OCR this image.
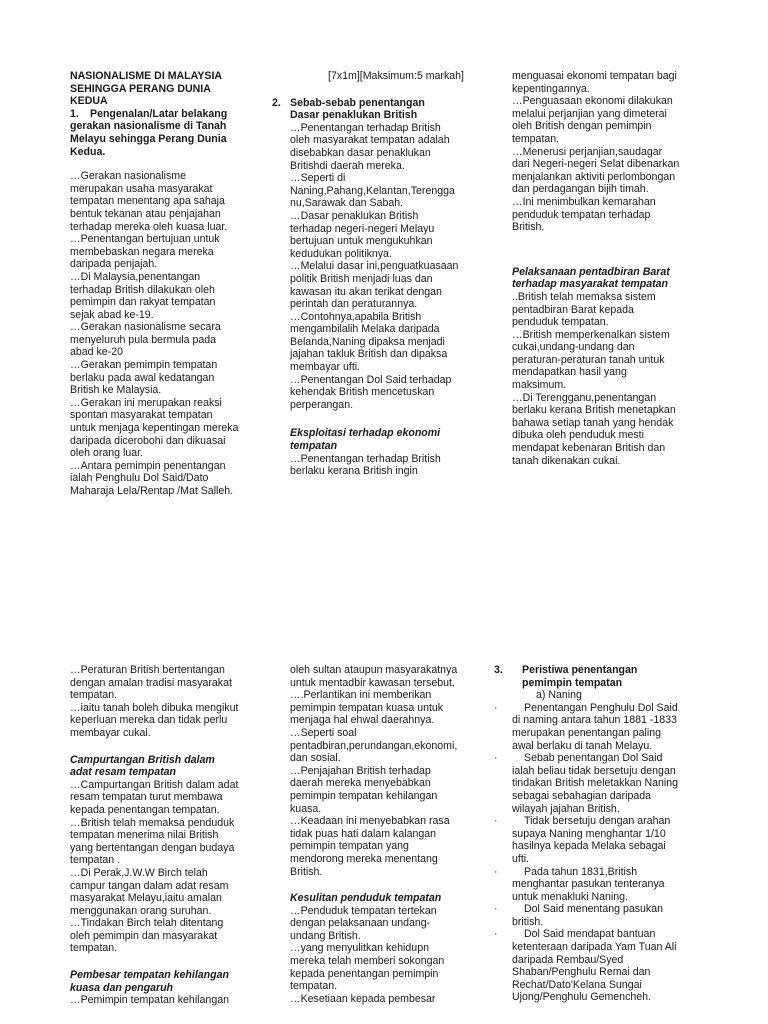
NASIONALISME DI MALAYSIA
SEHINGGA PERANG DUNIA
KEDUA

1.	Pengenalan/Latar belakang

gerakan nasionalisme di Tanah
Melayu sehingga Perang Dunia
Kedua.

…Gerakan nasionalisme
merupakan usaha masyarakat
tempatan menentang apa sahaja
bentuk tekanan atau penjajahan
terhadap mereka oleh kuasa luar.
…Penentangan bertujuan untuk
membebaskan negara mereka
daripada penjajah.
…Di Malaysia,penentangan
terhadap British dilakukan oleh
pemimpin dan rakyat tempatan
sejak abad ke-19.
…Gerakan nasionalisme secara
menyeluruh pula bermula pada
abad ke-20
…Gerakan pemimpin tempatan
berlaku pada awal kedatangan
British ke Malaysia.
…Gerakan ini merupakan reaksi
spontan masyarakat tempatan
untuk menjaga kepentingan mereka
daripada dicerobohi dan dikuasai
oleh orang luar.
…Antara pemimpin penentangan
ialah Penghulu Dol Said/Dato
Maharaja Lela/Rentap /Mat Salleh.

[7x1m][Maksimum:5 markah]

2. Sebab-sebab penentangan
Dasar penaklukan British

…Penentangan terhadap British
oleh masyarakat tempatan adalah
disebabkan dasar penaklukan
Britishdi daerah mereka.
…Seperti di
Naning,Pahang,Kelantan,Terengga
nu,Sarawak dan Sabah.
…Dasar penaklukan British
terhadap negeri-negeri Melayu
bertujuan untuk mengukuhkan
kedudukan politiknya.
…Melalui dasar ini,penguatkuasaan
politik British menjadi luas dan
kawasan itu akan terikat dengan
perintah dan peraturannya.
…Contohnya,apabila British
mengambilalih Melaka daripada
Belanda,Naning dipaksa menjadi
jajahan takluk British dan dipaksa
membayar ufti.
…Penentangan Dol Said terhadap
kehendak British mencetuskan
perperangan.

Eksploitasi terhadap ekonomi
tempatan

…Penentangan terhadap British
berlaku kerana British ingin

menguasai ekonomi tempatan bagi
kepentingannya.
…Penguasaan ekonomi dilakukan
melalui perjanjian yang dimeterai
oleh British dengan pemimpin
tempatan.
…Menerusi perjanjian,saudagar
dari Negeri-negeri Selat dibenarkan
menjalankan aktiviti perlombongan
dan perdagangan bijih timah.
…Ini menimbulkan kemarahan
penduduk tempatan terhadap
British.

Pelaksanaan pentadbiran Barat
terhadap masyarakat tempatan

..British telah memaksa sistem
pentadbiran Barat kepada
penduduk tempatan.
…British memperkenalkan sistem
cukai,undang-undang dan
peraturan-peraturan tanah untuk
mendapatkan hasil yang
maksimum.
…Di Terengganu,penentangan
berlaku kerana British menetapkan
bahawa setiap tanah yang hendak
dibuka oleh penduduk mesti
mendapat kebenaran British dan
tanah dikenakan cukai.

…Peraturan British bertentangan
dengan amalan tradisi masyarakat
tempatan.
…iaitu tanah boleh dibuka mengikut
keperluan mereka dan tidak perlu
membayar cukai.

Campurtangan British dalam
adat resam tempatan

…Campurtangan British dalam adat
resam tempatan turut membawa
kepada penentangan tempatan.
…British telah memaksa penduduk
tempatan menerima nilai British
yang bertentangan dengan budaya
tempatan .
…Di Perak,J.W.W Birch telah
campur tangan dalam adat resam
masyarakat Melayu,iaitu amalan
menggunakan orang suruhan.
…Tindakan Birch telah ditentang
oleh pemimpin dan masyarakat
tempatan.

Pembesar tempatan kehilangan
kuasa dan pengaruh

…Pemimpin tempatan kehilangan

oleh sultan ataupun masyarakatnya
untuk mentadbir kawasan tersebut.
….Perlantikan ini memberikan
pemimpin tempatan kuasa untuk
menjaga hal ehwal daerahnya.
…Seperti soal
pentadbiran,perundangan,ekonomi,
dan sosial.
…Penjajahan British terhadap
daerah mereka menyebabkan
pemimpin tempatan kehilangan
kuasa.
…Keadaan ini menyebabkan rasa
tidak puas hati dalam kalangan
pemimpin tempatan yang
mendorong mereka menentang
British.

Kesulitan penduduk tempatan

…Penduduk tempatan tertekan
dengan pelaksanaan undang-
undang British.
…yang menyulitkan kehidupn
mereka telah memberi sokongan
kepada penentangan pemimpin
tempatan.
…Kesetiaan kepada pembesar

3.	Peristiwa penentangan
pemimpin tempatan

a) Naning

·	Penentangan Penghulu Dol Said
di naming antara tahun 1881 -1833
merupakan penentangan paling
awal berlaku di tanah Melayu.
·	Sebab penentangan Dol Said
ialah beliau tidak bersetuju dengan
tindakan British meletakkan Naning
sebagai sebahagian daripada
wilayah jajahan British.
·	Tidak bersetuju dengan arahan
supaya Naning menghantar 1/10
hasilnya kepada Melaka sebagai
ufti.
·	Pada tahun 1831,British
menghantar pasukan tenteranya
untuk menakluki Naning.
·	Dol Said menentang pasukan
british.
·	Dol Said mendapat bantuan
ketenteraan daripada Yam Tuan Ali
daripada Rembau/Syed
Shaban/Penghulu Remai dan
Rechat/Dato'Kelana Sungai
Ujong/Penghulu Gemencheh.
